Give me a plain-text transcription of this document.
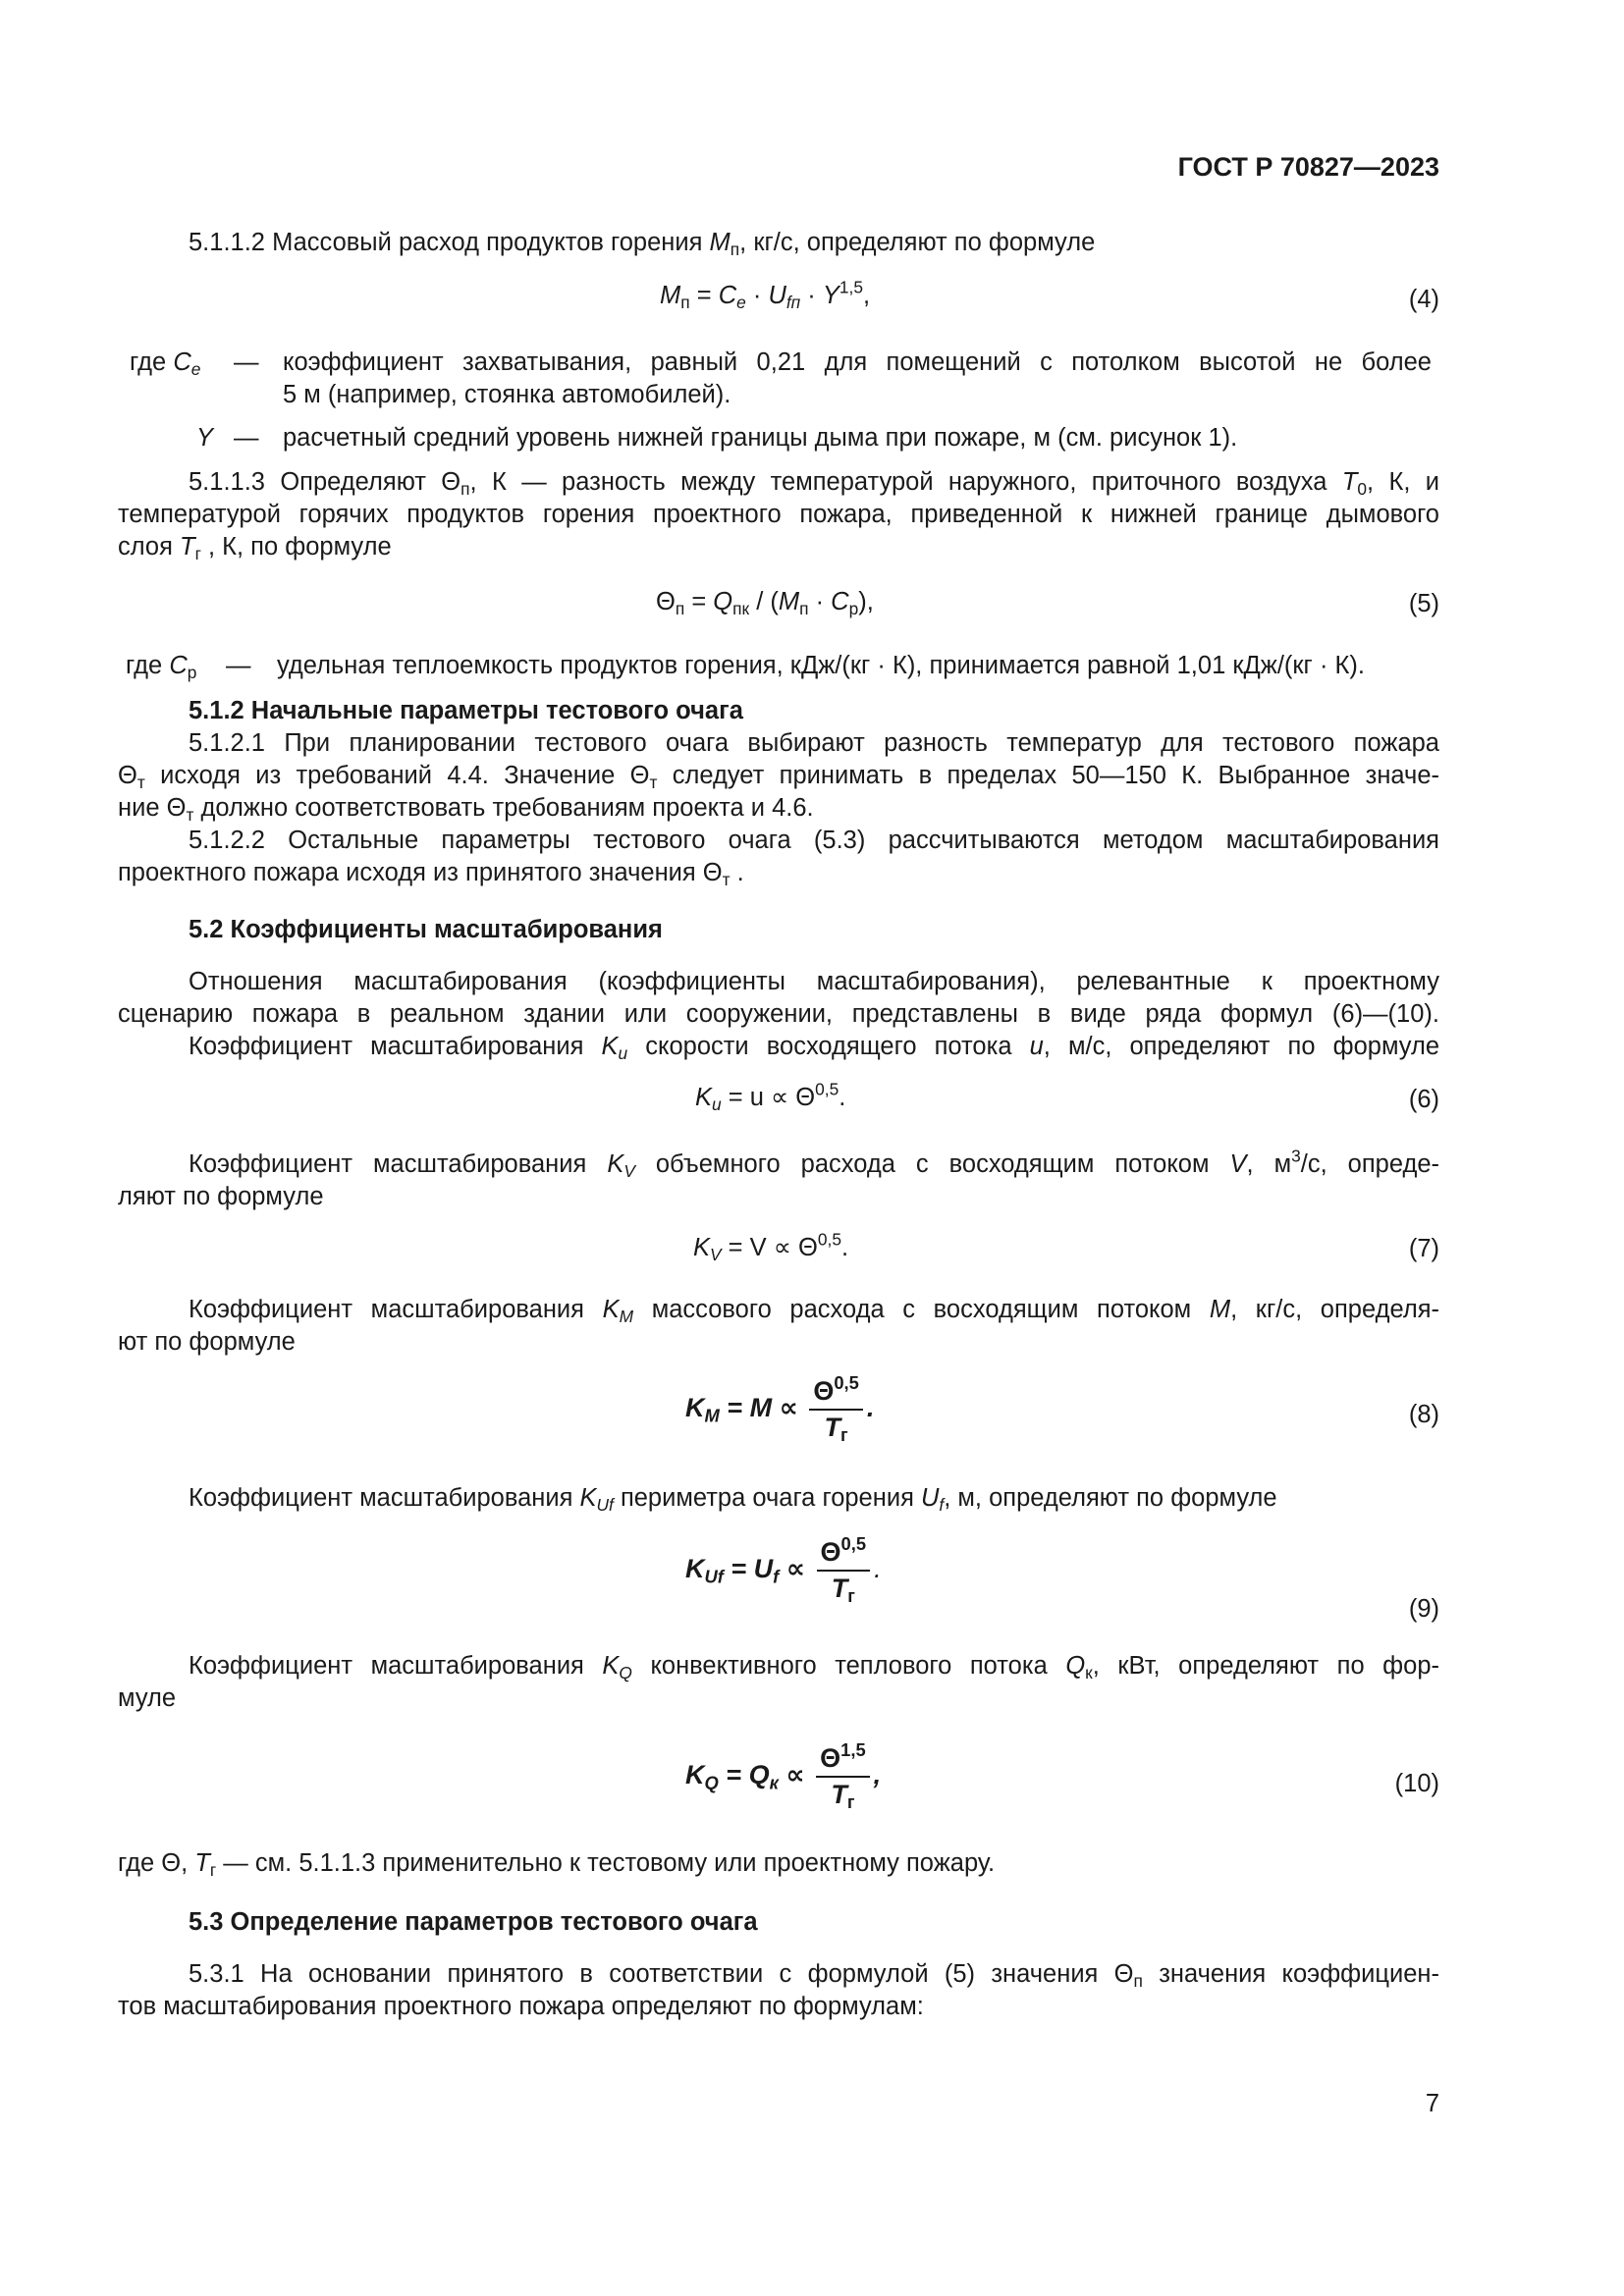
ГОСТ Р 70827—2023
5.1.1.2 Массовый расход продуктов горения $M_п$, кг/с, определяют по формуле
$M_п = C_e \cdot U_{fп} \cdot Y^{1,5}$,	(4)
где $C_e$ — коэффициент захватывания, равный 0,21 для помещений с потолком высотой не более
5 м (например, стоянка автомобилей).
Y — расчетный средний уровень нижней границы дыма при пожаре, м (см. рисунок 1).
5.1.1.3 Определяют $\Theta_п$, К — разность между температурой наружного, приточного воздуха $T_0$, К, и
температурой горячих продуктов горения проектного пожара, приведенной к нижней границе дымового
слоя $T_г$ , К, по формуле
$\Theta_п = Q_{пк} / (M_п \cdot C_p)$,	(5)
где $C_p$ — удельная теплоемкость продуктов горения, кДж/(кг · К), принимается равной 1,01 кДж/(кг · К).
5.1.2 Начальные параметры тестового очага
5.1.2.1 При планировании тестового очага выбирают разность температур для тестового пожара
$\Theta_т$ исходя из требований 4.4. Значение $\Theta_т$ следует принимать в пределах 50—150 К. Выбранное значе-
ние $\Theta_т$ должно соответствовать требованиям проекта и 4.6.
5.1.2.2 Остальные параметры тестового очага (5.3) рассчитываются методом масштабирования
проектного пожара исходя из принятого значения $\Theta_т$ .
5.2 Коэффициенты масштабирования
Отношения масштабирования (коэффициенты масштабирования), релевантные к проектному
сценарию пожара в реальном здании или сооружении, представлены в виде ряда формул (6)—(10).
Коэффициент масштабирования $K_u$ скорости восходящего потока u, м/с, определяют по формуле
$K_u = u \propto \Theta^{0,5}$.	(6)
Коэффициент масштабирования $K_V$ объемного расхода с восходящим потоком V, $м^3/с$, опреде-
ляют по формуле
$K_V = V \propto \Theta^{0,5}$.	(7)
Коэффициент масштабирования $K_M$ массового расхода с восходящим потоком M, кг/с, определя-
ют по формуле
$K_M = M \propto \frac{\Theta^{0,5}}{T_г}$ .	(8)
Коэффициент масштабирования $K_{Uf}$ периметра очага горения $U_f$, м, определяют по формуле
$K_{Uf} = U_f \propto \frac{\Theta^{0,5}}{T_г}$ .
(9)
Коэффициент масштабирования $K_Q$ конвективного теплового потока $Q_к$, кВт, определяют по фор-
муле
$K_Q = Q_к \propto \frac{\Theta^{1,5}}{T_г}$ ,	(10)
где Θ, $T_г$ — см. 5.1.1.3 применительно к тестовому или проектному пожару.
5.3 Определение параметров тестового очага
5.3.1 На основании принятого в соответствии с формулой (5) значения $\Theta_п$ значения коэффициен-
тов масштабирования проектного пожара определяют по формулам:
7
